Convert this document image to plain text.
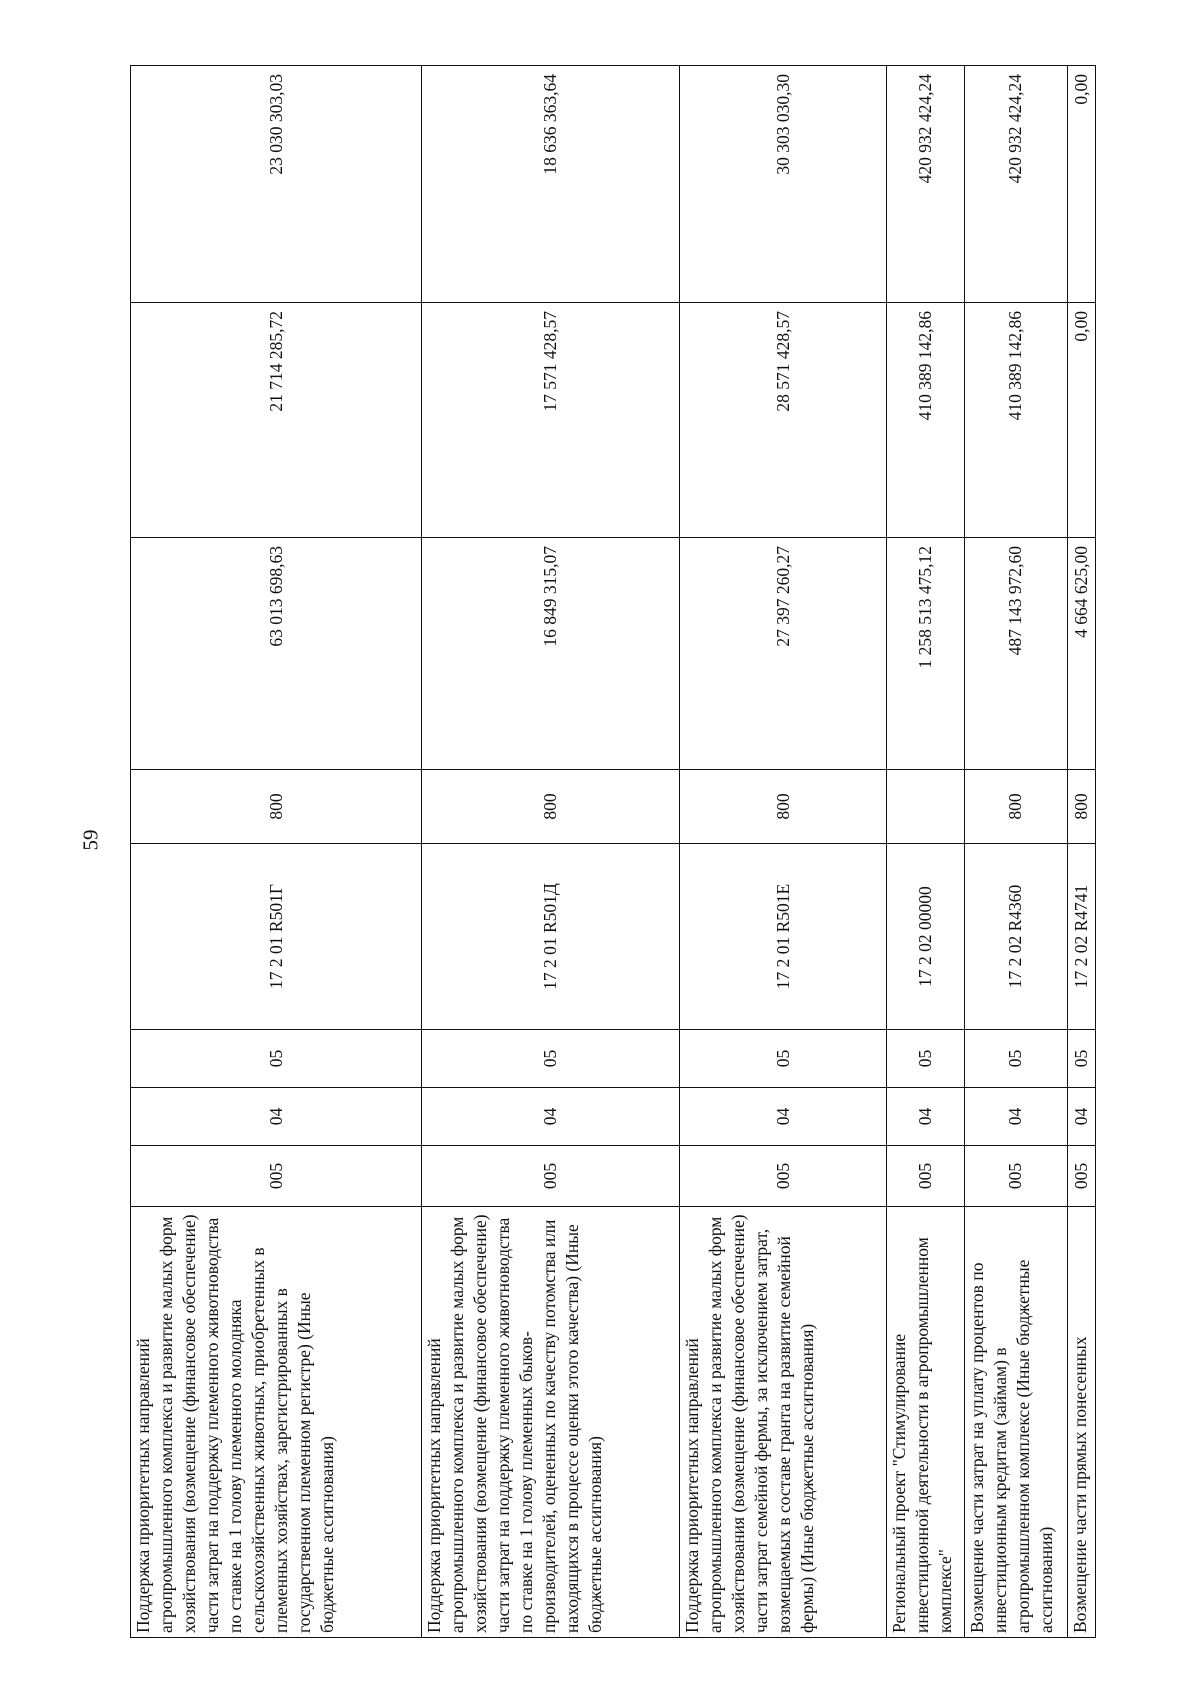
59
Поддержка приоритетных направлений агропромышленного комплекса и развитие малых форм хозяйствования (возмещение (финансовое обеспечение) части затрат на поддержку племенного животноводства по ставке на 1 голову племенного молодняка сельскохозяйственных животных, приобретенных в племенных хозяйствах, зарегистрированных в государственном племенном регистре) (Иные бюджетные ассигнования)	005	04	05	17 2 01 R501Г	800	63 013 698,63	21 714 285,72	23 030 303,03
Поддержка приоритетных направлений агропромышленного комплекса и развитие малых форм хозяйствования (возмещение (финансовое обеспечение) части затрат на поддержку племенного животноводства по ставке на 1 голову племенных быков-производителей, оцененных по качеству потомства или находящихся в процессе оценки этого качества) (Иные бюджетные ассигнования)	005	04	05	17 2 01 R501Д	800	16 849 315,07	17 571 428,57	18 636 363,64
Поддержка приоритетных направлений агропромышленного комплекса и развитие малых форм хозяйствования (возмещение (финансовое обеспечение) части затрат семейной фермы, за исключением затрат, возмещаемых в составе гранта на развитие семейной фермы) (Иные бюджетные ассигнования)	005	04	05	17 2 01 R501Е	800	27 397 260,27	28 571 428,57	30 303 030,30
Региональный проект "Стимулирование инвестиционной деятельности в агропромышленном комплексе"	005	04	05	17 2 02 00000		1 258 513 475,12	410 389 142,86	420 932 424,24
Возмещение части затрат на уплату процентов по инвестиционным кредитам (займам) в агропромышленном комплексе (Иные бюджетные ассигнования)	005	04	05	17 2 02 R4360	800	487 143 972,60	410 389 142,86	420 932 424,24
Возмещение части прямых понесенных	005	04	05	17 2 02 R4741	800	4 664 625,00	0,00	0,00
